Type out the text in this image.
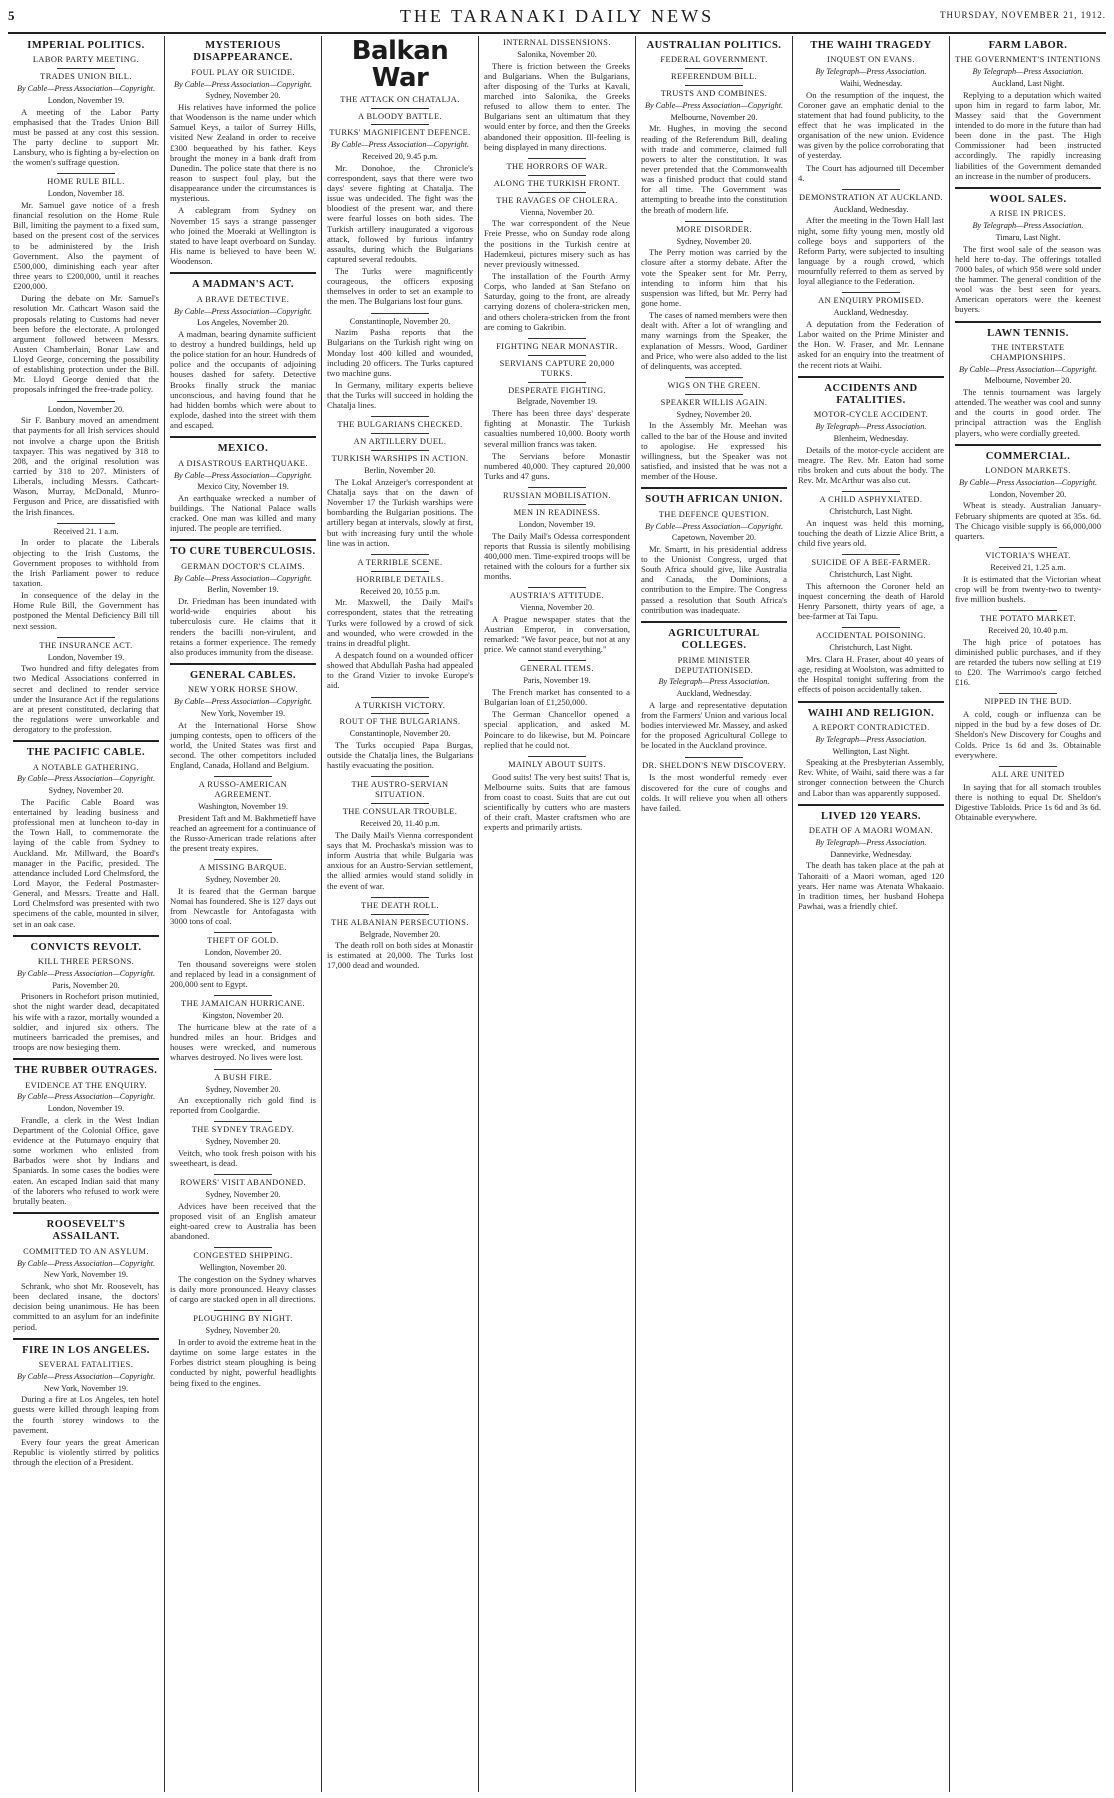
5	THE TARANAKI DAILY NEWS	THURSDAY, NOVEMBER 21, 1912.
IMPERIAL POLITICS.
LABOR PARTY MEETING.
TRADES UNION BILL.
By Cable—Press Association—Copyright.
London, November 19.

A meeting of the Labor Party emphasised that the Trades Union Bill must be passed at any cost this session. The party decline to support Mr. Lansbury, who is fighting a by-election on the women's suffrage question.

HOME RULE BILL.
London, November 18.

Mr. Samuel gave notice of a fresh financial resolution on the Home Rule Bill, limiting the payment to a fixed sum, based on the present cost of the services to be administered by the Irish Government. Also the payment of £500,000, diminishing each year after three years to £200,000, until it reaches £200,000.

During the debate on Mr. Samuel's resolution Mr. Cathcart Wason said the proposals relating to Customs had never been before the electorate. A prolonged argument followed between Messrs. Austen Chamberlain, Bonar Law and Lloyd George, concerning the possibility of establishing protection under the Bill. Mr. Lloyd George denied that the proposals infringed the free-trade policy.

London, November 20.

Sir F. Banbury moved an amendment that payments for all Irish services should not involve a charge upon the British taxpayer. This was negatived by 318 to 208, and the original resolution was carried by 318 to 207. Ministers of Liberals, including Messrs. Cathcart-Wason, Murray, McDonald, Munro-Ferguson and Price, are dissatisfied with the Irish finances.

Received 21. 1 a.m.

In order to placate the Liberals objecting to the Irish Customs, the Government proposes to withhold from the Irish Parliament power to reduce taxation.

In consequence of the delay in the Home Rule Bill, the Government has postponed the Mental Deficiency Bill till next session.

THE INSURANCE ACT.
London, November 19.

Two hundred and fifty delegates from two Medical Associations conferred in secret and declined to render service under the Insurance Act if the regulations are at present constituted, declaring that the regulations were unworkable and derogatory to the profession.

THE PACIFIC CABLE.
A NOTABLE GATHERING.
By Cable—Press Association—Copyright.
Sydney, November 20.

The Pacific Cable Board was entertained by leading business and professional men at luncheon to-day in the Town Hall, to commemorate the laying of the cable from Sydney to Auckland. Mr. Millward, the Board's manager in the Pacific, presided. The attendance included Lord Chelmsford, the Lord Mayor, the Federal Postmaster-General, and Messrs. Treatte and Hall. Lord Chelmsford was presented with two specimens of the cable, mounted in silver, set in an oak case.

CONVICTS REVOLT.
KILL THREE PERSONS.
By Cable—Press Association—Copyright.
Paris, November 20.

Prisoners in Rochefort prison mutinied, shot the night warder dead, decapitated his wife with a razor, mortally wounded a soldier, and injured six others. The mutineers barricaded the premises, and troops are now besieging them.

THE RUBBER OUTRAGES.
EVIDENCE AT THE ENQUIRY.
By Cable—Press Association—Copyright.
London, November 19.

Frandle, a clerk in the West Indian Department of the Colonial Office, gave evidence at the Putumayo enquiry that some workmen who enlisted from Barbados were shot by Indians and Spaniards. In some cases the bodies were eaten. An escaped Indian said that many of the laborers who refused to work were brutally beaten.

ROOSEVELT'S ASSAILANT.
COMMITTED TO AN ASYLUM.
By Cable—Press Association—Copyright.
New York, November 19.

Schrank, who shot Mr. Roosevelt, has been declared insane, the doctors' decision being unanimous. He has been committed to an asylum for an indefinite period.

FIRE IN LOS ANGELES.
SEVERAL FATALITIES.
By Cable—Press Association—Copyright.
New York, November 19.

During a fire at Los Angeles, ten hotel guests were killed through leaping from the fourth storey windows to the pavement.

Every four years the great American Republic is violently stirred by politics through the election of a President.

MYSTERIOUS DISAPPEARANCE.
FOUL PLAY OR SUICIDE.
By Cable—Press Association—Copyright.
Sydney, November 20.

His relatives have informed the police that Woodenson is the name under which Samuel Keys, a tailor of Surrey Hills, visited New Zealand in order to receive £300 bequeathed by his father. Keys brought the money in a bank draft from Dunedin. The police state that there is no reason to suspect foul play, but the disappearance under the circumstances is mysterious.

A cablegram from Sydney on November 15 says a strange passenger who joined the Moeraki at Wellington is stated to have leapt overboard on Sunday. His name is believed to have been W. Woodenson.

A MADMAN'S ACT.
A BRAVE DETECTIVE.
By Cable—Press Association—Copyright.
Los Angeles, November 20.

A madman, bearing dynamite sufficient to destroy a hundred buildings, held up the police station for an hour. Hundreds of police and the occupants of adjoining houses dashed for safety. Detective Brooks finally struck the maniac unconscious, and having found that he had hidden bombs which were about to explode, dashed into the street with them and escaped.

MEXICO.
A DISASTROUS EARTHQUAKE.
By Cable—Press Association—Copyright.
Mexico City, November 19.

An earthquake wrecked a number of buildings. The National Palace walls cracked. One man was killed and many injured. The people are terrified.

TO CURE TUBERCULOSIS.
GERMAN DOCTOR'S CLAIMS.
By Cable—Press Association—Copyright.
Berlin, November 19.

Dr. Friedman has been inundated with world-wide enquiries about his tuberculosis cure. He claims that it renders the bacilli non-virulent, and retains a former experience. The remedy also produces immunity from the disease.

GENERAL CABLES.
NEW YORK HORSE SHOW.
By Cable—Press Association—Copyright.
New York, November 19.

At the International Horse Show jumping contests, open to officers of the world, the United States was first and second. The other competitors included England, Canada, Holland and Belgium.

A RUSSO-AMERICAN AGREEMENT.
Washington, November 19.

President Taft and M. Bakhmetieff have reached an agreement for a continuance of the Russo-American trade relations after the present treaty expires.

A MISSING BARQUE.
Sydney, November 20.

It is feared that the German barque Nomai has foundered. She is 127 days out from Newcastle for Antofagasta with 3000 tons of coal.

THEFT OF GOLD.
London, November 20.

Ten thousand sovereigns were stolen and replaced by lead in a consignment of 200,000 sent to Egypt.

THE JAMAICAN HURRICANE.
Kingston, November 20.

The hurricane blew at the rate of a hundred miles an hour. Bridges and houses were wrecked, and numerous wharves destroyed. No lives were lost.

A BUSH FIRE.
Sydney, November 20.

An exceptionally rich gold find is reported from Coolgardie.

THE SYDNEY TRAGEDY.
Sydney, November 20.

Veitch, who took fresh poison with his sweetheart, is dead.

ROWERS' VISIT ABANDONED.
Sydney, November 20.

Advices have been received that the proposed visit of an English amateur eight-oared crew to Australia has been abandoned.

CONGESTED SHIPPING.
Wellington, November 20.

The congestion on the Sydney wharves is daily more pronounced. Heavy classes of cargo are stacked open in all directions.

PLOUGHING BY NIGHT.
Sydney, November 20.

In order to avoid the extreme heat in the daytime on some large estates in the Forbes district steam ploughing is being conducted by night, powerful headlights being fixed to the engines.

Balkan War
THE ATTACK ON CHATALJA.
A BLOODY BATTLE.
TURKS' MAGNIFICENT DEFENCE.
By Cable—Press Association—Copyright.
Received 20, 9.45 p.m.

Mr. Donohoe, the Chronicle's correspondent, says that there were two days' severe fighting at Chatalja. The issue was undecided. The fight was the bloodiest of the present war, and there were fearful losses on both sides. The Turkish artillery inaugurated a vigorous attack, followed by furious infantry assaults, during which the Bulgarians captured several redoubts.

The Turks were magnificently courageous, the officers exposing themselves in order to set an example to the men. The Bulgarians lost four guns.

Constantinople, November 20.

Nazim Pasha reports that the Bulgarians on the Turkish right wing on Monday lost 400 killed and wounded, including 20 officers. The Turks captured two machine guns.

In Germany, military experts believe that the Turks will succeed in holding the Chatalja lines.

THE BULGARIANS CHECKED.
AN ARTILLERY DUEL.
TURKISH WARSHIPS IN ACTION.
Berlin, November 20.

The Lokal Anzeiger's correspondent at Chatalja says that on the dawn of November 17 the Turkish warships were bombarding the Bulgarian positions. The artillery began at intervals, slowly at first, but with increasing fury until the whole line was in action.

A TERRIBLE SCENE.
HORRIBLE DETAILS.
Received 20, 10.55 p.m.

Mr. Maxwell, the Daily Mail's correspondent, states that the retreating Turks were followed by a crowd of sick and wounded, who were crowded in the trains in dreadful plight.

A despatch found on a wounded officer showed that Abdullah Pasha had appealed to the Grand Vizier to invoke Europe's aid.

A TURKISH VICTORY.
ROUT OF THE BULGARIANS.
Constantinople, November 20.

The Turks occupied Papa Burgas, outside the Chatalja lines, the Bulgarians hastily evacuating the position.

THE AUSTRO-SERVIAN SITUATION.
THE CONSULAR TROUBLE.
Received 20, 11.40 p.m.

The Daily Mail's Vienna correspondent says that M. Prochaska's mission was to inform Austria that while Bulgaria was anxious for an Austro-Servian settlement, the allied armies would stand solidly in the event of war.

THE DEATH ROLL.
THE ALBANIAN PERSECUTIONS.
Belgrade, November 20.

The death roll on both sides at Monastir is estimated at 20,000. The Turks lost 17,000 dead and wounded.

INTERNAL DISSENSIONS.
Salonika, November 20.

There is friction between the Greeks and Bulgarians. When the Bulgarians, after disposing of the Turks at Kavali, marched into Salonika, the Greeks refused to allow them to enter. The Bulgarians sent an ultimatum that they would enter by force, and then the Greeks abandoned their opposition. Ill-feeling is being displayed in many directions.

THE HORRORS OF WAR.
ALONG THE TURKISH FRONT.
THE RAVAGES OF CHOLERA.
Vienna, November 20.

The war correspondent of the Neue Freie Presse, who on Sunday rode along the positions in the Turkish centre at Hademkeui, pictures misery such as has never previously witnessed.

The installation of the Fourth Army Corps, who landed at San Stefano on Saturday, going to the front, are already carrying dozens of cholera-stricken men, and others cholera-stricken from the front are coming to Gakribin.

FIGHTING NEAR MONASTIR.
SERVIANS CAPTURE 20,000 TURKS.
DESPERATE FIGHTING.
Belgrade, November 19.

There has been three days' desperate fighting at Monastir. The Turkish casualties numbered 10,000. Booty worth several million francs was taken.

The Servians before Monastir numbered 40,000. They captured 20,000 Turks and 47 guns.

RUSSIAN MOBILISATION.
MEN IN READINESS.
London, November 19.

The Daily Mail's Odessa correspondent reports that Russia is silently mobilising 400,000 men. Time-expired troops will be retained with the colours for a further six months.

AUSTRIA'S ATTITUDE.
Vienna, November 20.

A Prague newspaper states that the Austrian Emperor, in conversation, remarked: "We favor peace, but not at any price. We cannot stand everything."

GENERAL ITEMS.
Paris, November 19.

The French market has consented to a Bulgarian loan of £1,250,000.

The German Chancellor opened a special application, and asked M. Poincare to do likewise, but M. Poincare replied that he could not.

MAINLY ABOUT SUITS.

Good suits! The very best suits! That is, Melbourne suits. Suits that are famous from coast to coast. Suits that are cut out scientifically by cutters who are masters of their craft. Master craftsmen who are experts and primarily artists.

AUSTRALIAN POLITICS.
FEDERAL GOVERNMENT.
REFERENDUM BILL.
TRUSTS AND COMBINES.
By Cable—Press Association—Copyright.
Melbourne, November 20.

Mr. Hughes, in moving the second reading of the Referendum Bill, dealing with trade and commerce, claimed full powers to alter the constitution. It was never pretended that the Commonwealth was a finished product that could stand for all time. The Government was attempting to breathe into the constitution the breath of modern life.

MORE DISORDER.
Sydney, November 20.

The Perry motion was carried by the closure after a stormy debate. After the vote the Speaker sent for Mr. Perry, intending to inform him that his suspension was lifted, but Mr. Perry had gone home.

The cases of named members were then dealt with. After a lot of wrangling and many warnings from the Speaker, the explanation of Messrs. Wood, Gardiner and Price, who were also added to the list of delinquents, was accepted.

WIGS ON THE GREEN.
SPEAKER WILLIS AGAIN.
Sydney, November 20.

In the Assembly Mr. Meehan was called to the bar of the House and invited to apologise. He expressed his willingness, but the Speaker was not satisfied, and insisted that he was not a member of the House.

SOUTH AFRICAN UNION.
THE DEFENCE QUESTION.
By Cable—Press Association—Copyright.
Capetown, November 20.

Mr. Smartt, in his presidential address to the Unionist Congress, urged that South Africa should give, like Australia and Canada, the Dominions, a contribution to the Empire. The Congress passed a resolution that South Africa's contribution was inadequate.

AGRICULTURAL COLLEGES.
PRIME MINISTER DEPUTATIONISED.
By Telegraph—Press Association.
Auckland, Wednesday.

A large and representative deputation from the Farmers' Union and various local bodies interviewed Mr. Massey, and asked for the proposed Agricultural College to be located in the Auckland province.

DR. SHELDON'S NEW DISCOVERY.

Is the most wonderful remedy ever discovered for the cure of coughs and colds. It will relieve you when all others have failed.

THE WAIHI TRAGEDY
INQUEST ON EVANS.
By Telegraph—Press Association.
Waihi, Wednesday.

On the resumption of the inquest, the Coroner gave an emphatic denial to the statement that had found publicity, to the effect that he was implicated in the organisation of the new union. Evidence was given by the police corroborating that of yesterday.

The Court has adjourned till December 4.

DEMONSTRATION AT AUCKLAND.
Auckland, Wednesday.

After the meeting in the Town Hall last night, some fifty young men, mostly old college boys and supporters of the Reform Party, were subjected to insulting language by a rough crowd, which mournfully referred to them as served by loyal allegiance to the Federation.

AN ENQUIRY PROMISED.
Auckland, Wednesday.

A deputation from the Federation of Labor waited on the Prime Minister and the Hon. W. Fraser, and Mr. Lennane asked for an enquiry into the treatment of the recent riots at Waihi.

ACCIDENTS AND FATALITIES.
MOTOR-CYCLE ACCIDENT.
By Telegraph—Press Association.
Blenheim, Wednesday.

Details of the motor-cycle accident are meagre. The Rev. Mr. Eaton had some ribs broken and cuts about the body. The Rev. Mr. McArthur was also cut.

A CHILD ASPHYXIATED.
Christchurch, Last Night.

An inquest was held this morning, touching the death of Lizzie Alice Britt, a child five years old.

SUICIDE OF A BEE-FARMER.
Christchurch, Last Night.

This afternoon the Coroner held an inquest concerning the death of Harold Henry Parsonett, thirty years of age, a bee-farmer at Tai Tapu.

ACCIDENTAL POISONING.
Christchurch, Last Night.

Mrs. Clara H. Fraser, about 40 years of age, residing at Woolston, was admitted to the Hospital tonight suffering from the effects of poison accidentally taken.

WAIHI AND RELIGION.
A REPORT CONTRADICTED.
By Telegraph—Press Association.
Wellington, Last Night.

Speaking at the Presbyterian Assembly, Rev. White, of Waihi, said there was a far stronger connection between the Church and Labor than was apparently supposed.

LIVED 120 YEARS.
DEATH OF A MAORI WOMAN.
By Telegraph—Press Association.
Dannevirke, Wednesday.

The death has taken place at the pah at Tahoraiti of a Maori woman, aged 120 years. Her name was Atenata Whakaaio. In tradition times, her husband Hohepa Pawhai, was a friendly chief.

FARM LABOR.
THE GOVERNMENT'S INTENTIONS
By Telegraph—Press Association.
Auckland, Last Night.

Replying to a deputation which waited upon him in regard to farm labor, Mr. Massey said that the Government intended to do more in the future than had been done in the past. The High Commissioner had been instructed accordingly. The rapidly increasing liabilities of the Government demanded an increase in the number of producers.

WOOL SALES.
A RISE IN PRICES.
By Telegraph—Press Association.
Timaru, Last Night.

The first wool sale of the season was held here to-day. The offerings totalled 7000 bales, of which 958 were sold under the hammer. The general condition of the wool was the best seen for years. American operators were the keenest buyers.

LAWN TENNIS.
THE INTERSTATE CHAMPIONSHIPS.
By Cable—Press Association—Copyright.
Melbourne, November 20.

The tennis tournament was largely attended. The weather was cool and sunny and the courts in good order. The principal attraction was the English players, who were cordially greeted.

COMMERCIAL.
LONDON MARKETS.
By Cable—Press Association—Copyright.
London, November 20.

Wheat is steady. Australian January-February shipments are quoted at 35s. 6d. The Chicago visible supply is 66,000,000 quarters.

VICTORIA'S WHEAT.
Received 21, 1.25 a.m.

It is estimated that the Victorian wheat crop will be from twenty-two to twenty-five million bushels.

THE POTATO MARKET.
Received 20, 10.40 p.m.

The high price of potatoes has diminished public purchases, and if they are retarded the tubers now selling at £19 to £20. The Warrimoo's cargo fetched £16.

NIPPED IN THE BUD.

A cold, cough or influenza can be nipped in the bud by a few doses of Dr. Sheldon's New Discovery for Coughs and Colds. Price 1s 6d and 3s. Obtainable everywhere.

ALL ARE UNITED

In saying that for all stomach troubles there is nothing to equal Dr. Sheldon's Digestive Tabloids. Price 1s 6d and 3s 6d. Obtainable everywhere.
